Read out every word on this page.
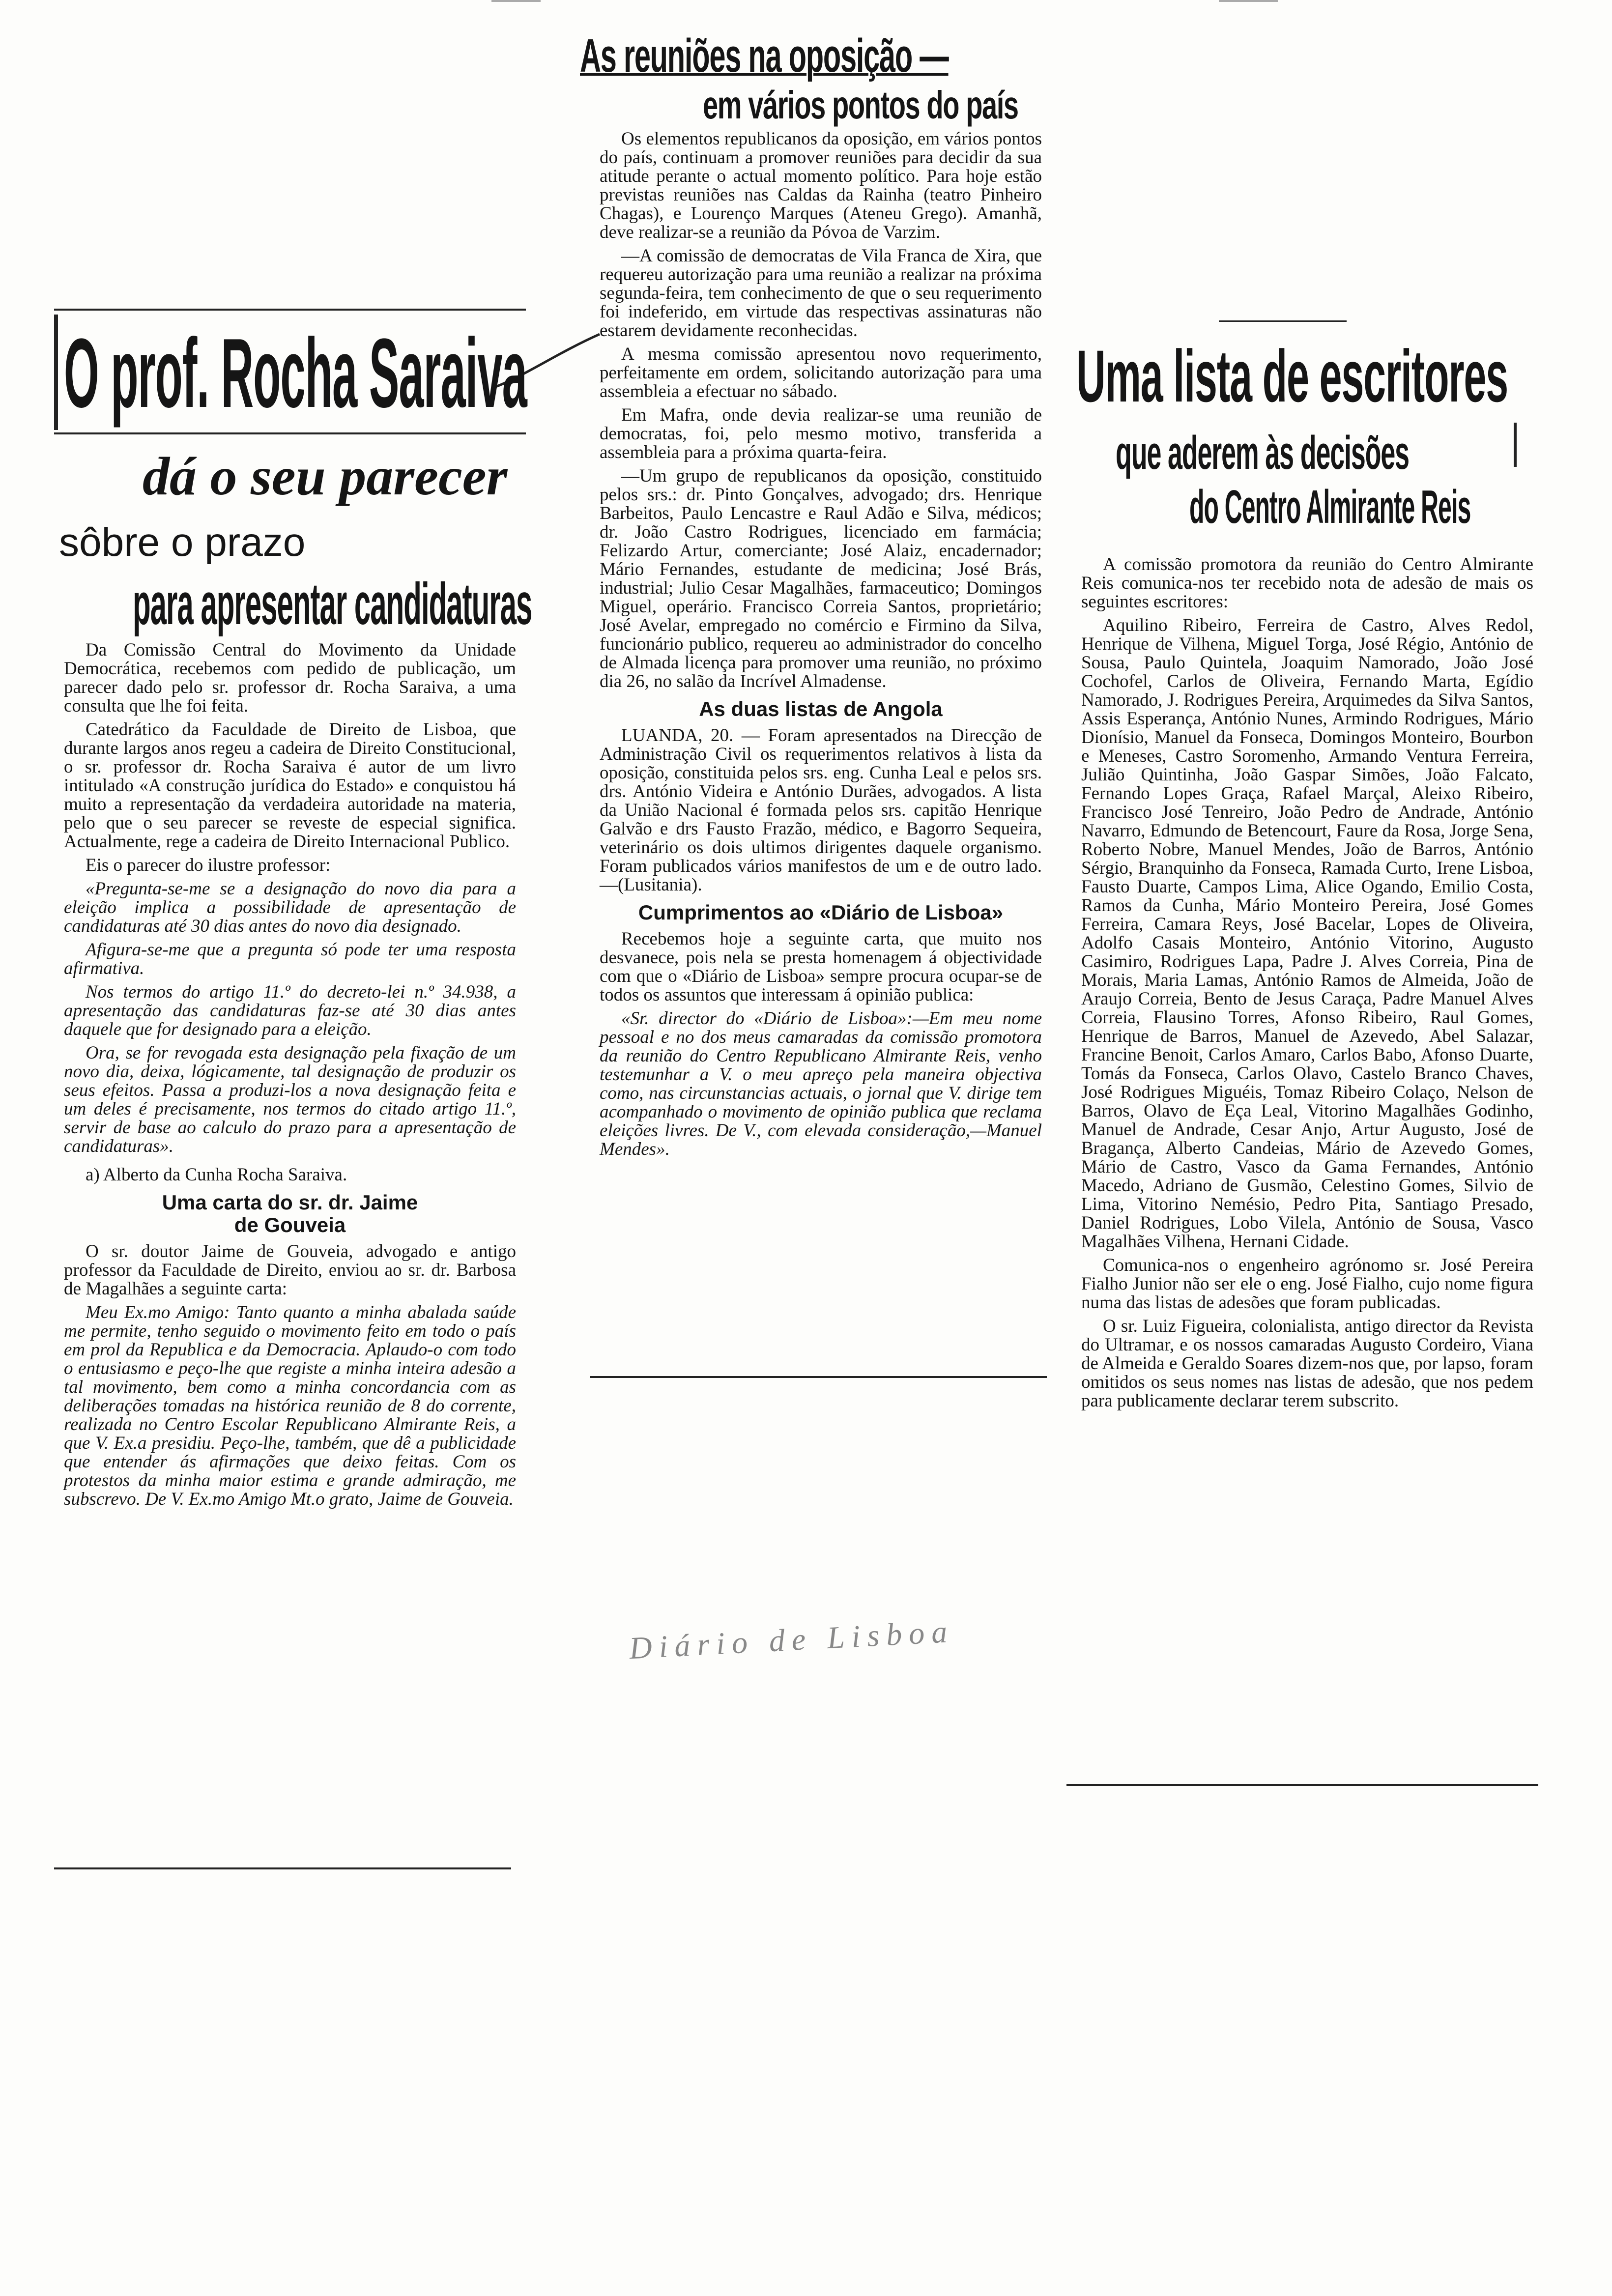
As reuniões na oposição —
em vários pontos do país

Os elementos republicanos da oposição, em vários pontos do país, continuam a promover reuniões para decidir da sua atitude perante o actual momento político. Para hoje estão previstas reuniões nas Caldas da Rainha (teatro Pinheiro Chagas), e Lourenço Marques (Ateneu Grego). Amanhã, deve realizar-se a reunião da Póvoa de Varzim.

—A comissão de democratas de Vila Franca de Xira, que requereu autorização para uma reunião a realizar na próxima segunda-feira, tem conhecimento de que o seu requerimento foi indeferido, em virtude das respectivas assinaturas não estarem devidamente reconhecidas.

A mesma comissão apresentou novo requerimento, perfeitamente em ordem, solicitando autorização para uma assembleia a efectuar no sábado.

Em Mafra, onde devia realizar-se uma reunião de democratas, foi, pelo mesmo motivo, transferida a assembleia para a próxima quarta-feira.

—Um grupo de republicanos da oposição, constituido pelos srs.: dr. Pinto Gonçalves, advogado; drs. Henrique Barbeitos, Paulo Lencastre e Raul Adão e Silva, médicos; dr. João Castro Rodrigues, licenciado em farmácia; Felizardo Artur, comerciante; José Alaiz, encadernador; Mário Fernandes, estudante de medicina; José Brás, industrial; Julio Cesar Magalhães, farmaceutico; Domingos Miguel, operário. Francisco Correia Santos, proprietário; José Avelar, empregado no comércio e Firmino da Silva, funcionário publico, requereu ao administrador do concelho de Almada licença para promover uma reunião, no próximo dia 26, no salão da Incrível Almadense.

As duas listas de Angola

LUANDA, 20. — Foram apresentados na Direcção de Administração Civil os requerimentos relativos à lista da oposição, constituida pelos srs. eng. Cunha Leal e pelos srs. drs. António Videira e António Durães, advogados. A lista da União Nacional é formada pelos srs. capitão Henrique Galvão e drs Fausto Frazão, médico, e Bagorro Sequeira, veterinário os dois ultimos dirigentes daquele organismo. Foram publicados vários manifestos de um e de outro lado.—(Lusitania).

Cumprimentos ao «Diário de Lisboa»

Recebemos hoje a seguinte carta, que muito nos desvanece, pois nela se presta homenagem á objectividade com que o «Diário de Lisboa» sempre procura ocupar-se de todos os assuntos que interessam á opinião publica:

«Sr. director do «Diário de Lisboa»:—Em meu nome pessoal e no dos meus camaradas da comissão promotora da reunião do Centro Republicano Almirante Reis, venho testemunhar a V. o meu apreço pela maneira objectiva como, nas circunstancias actuais, o jornal que V. dirige tem acompanhado o movimento de opinião publica que reclama eleições livres. De V., com elevada consideração,—Manuel Mendes».

Diário de Lisboa
O prof. Rocha Saraiva
dá o seu parecer
sôbre o prazo
para apresentar candidaturas

Da Comissão Central do Movimento da Unidade Democrática, recebemos com pedido de publicação, um parecer dado pelo sr. professor dr. Rocha Saraiva, a uma consulta que lhe foi feita.

Catedrático da Faculdade de Direito de Lisboa, que durante largos anos regeu a cadeira de Direito Constitucional, o sr. professor dr. Rocha Saraiva é autor de um livro intitulado «A construção jurídica do Estado» e conquistou há muito a representação da verdadeira autoridade na materia, pelo que o seu parecer se reveste de especial significa. Actualmente, rege a cadeira de Direito Internacional Publico.

Eis o parecer do ilustre professor:

«Pregunta-se-me se a designação do novo dia para a eleição implica a possibilidade de apresentação de candidaturas até 30 dias antes do novo dia designado.

Afigura-se-me que a pregunta só pode ter uma resposta afirmativa.

Nos termos do artigo 11.º do decreto-lei n.º 34.938, a apresentação das candidaturas faz-se até 30 dias antes daquele que for designado para a eleição.

Ora, se for revogada esta designação pela fixação de um novo dia, deixa, lógicamente, tal designação de produzir os seus efeitos. Passa a produzi-los a nova designação feita e um deles é precisamente, nos termos do citado artigo 11.º, servir de base ao calculo do prazo para a apresentação de candidaturas».

a) Alberto da Cunha Rocha Saraiva.

Uma carta do sr. dr. Jaime de Gouveia

O sr. doutor Jaime de Gouveia, advogado e antigo professor da Faculdade de Direito, enviou ao sr. dr. Barbosa de Magalhães a seguinte carta:

Meu Ex.mo Amigo: Tanto quanto a minha abalada saúde me permite, tenho seguido o movimento feito em todo o país em prol da Republica e da Democracia. Aplaudo-o com todo o entusiasmo e peço-lhe que registe a minha inteira adesão a tal movimento, bem como a minha concordancia com as deliberações tomadas na histórica reunião de 8 do corrente, realizada no Centro Escolar Republicano Almirante Reis, a que V. Ex.a presidiu. Peço-lhe, também, que dê a publicidade que entender ás afirmações que deixo feitas. Com os protestos da minha maior estima e grande admiração, me subscrevo. De V. Ex.mo Amigo Mt.o grato, Jaime de Gouveia.

Uma lista de escritores
que aderem às decisões
do Centro Almirante Reis

A comissão promotora da reunião do Centro Almirante Reis comunica-nos ter recebido nota de adesão de mais os seguintes escritores:

Aquilino Ribeiro, Ferreira de Castro, Alves Redol, Henrique de Vilhena, Miguel Torga, José Régio, António de Sousa, Paulo Quintela, Joaquim Namorado, João José Cochofel, Carlos de Oliveira, Fernando Marta, Egídio Namorado, J. Rodrigues Pereira, Arquimedes da Silva Santos, Assis Esperança, António Nunes, Armindo Rodrigues, Mário Dionísio, Manuel da Fonseca, Domingos Monteiro, Bourbon e Meneses, Castro Soromenho, Armando Ventura Ferreira, Julião Quintinha, João Gaspar Simões, João Falcato, Fernando Lopes Graça, Rafael Marçal, Aleixo Ribeiro, Francisco José Tenreiro, João Pedro de Andrade, António Navarro, Edmundo de Betencourt, Faure da Rosa, Jorge Sena, Roberto Nobre, Manuel Mendes, João de Barros, António Sérgio, Branquinho da Fonseca, Ramada Curto, Irene Lisboa, Fausto Duarte, Campos Lima, Alice Ogando, Emilio Costa, Ramos da Cunha, Mário Monteiro Pereira, José Gomes Ferreira, Camara Reys, José Bacelar, Lopes de Oliveira, Adolfo Casais Monteiro, António Vitorino, Augusto Casimiro, Rodrigues Lapa, Padre J. Alves Correia, Pina de Morais, Maria Lamas, António Ramos de Almeida, João de Araujo Correia, Bento de Jesus Caraça, Padre Manuel Alves Correia, Flausino Torres, Afonso Ribeiro, Raul Gomes, Henrique de Barros, Manuel de Azevedo, Abel Salazar, Francine Benoit, Carlos Amaro, Carlos Babo, Afonso Duarte, Tomás da Fonseca, Carlos Olavo, Castelo Branco Chaves, José Rodrigues Miguéis, Tomaz Ribeiro Colaço, Nelson de Barros, Olavo de Eça Leal, Vitorino Magalhães Godinho, Manuel de Andrade, Cesar Anjo, Artur Augusto, José de Bragança, Alberto Candeias, Mário de Azevedo Gomes, Mário de Castro, Vasco da Gama Fernandes, António Macedo, Adriano de Gusmão, Celestino Gomes, Silvio de Lima, Vitorino Nemésio, Pedro Pita, Santiago Presado, Daniel Rodrigues, Lobo Vilela, António de Sousa, Vasco Magalhães Vilhena, Hernani Cidade.

Comunica-nos o engenheiro agrónomo sr. José Pereira Fialho Junior não ser ele o eng. José Fialho, cujo nome figura numa das listas de adesões que foram publicadas.

O sr. Luiz Figueira, colonialista, antigo director da Revista do Ultramar, e os nossos camaradas Augusto Cordeiro, Viana de Almeida e Geraldo Soares dizem-nos que, por lapso, foram omitidos os seus nomes nas listas de adesão, que nos pedem para publicamente declarar terem subscrito.
